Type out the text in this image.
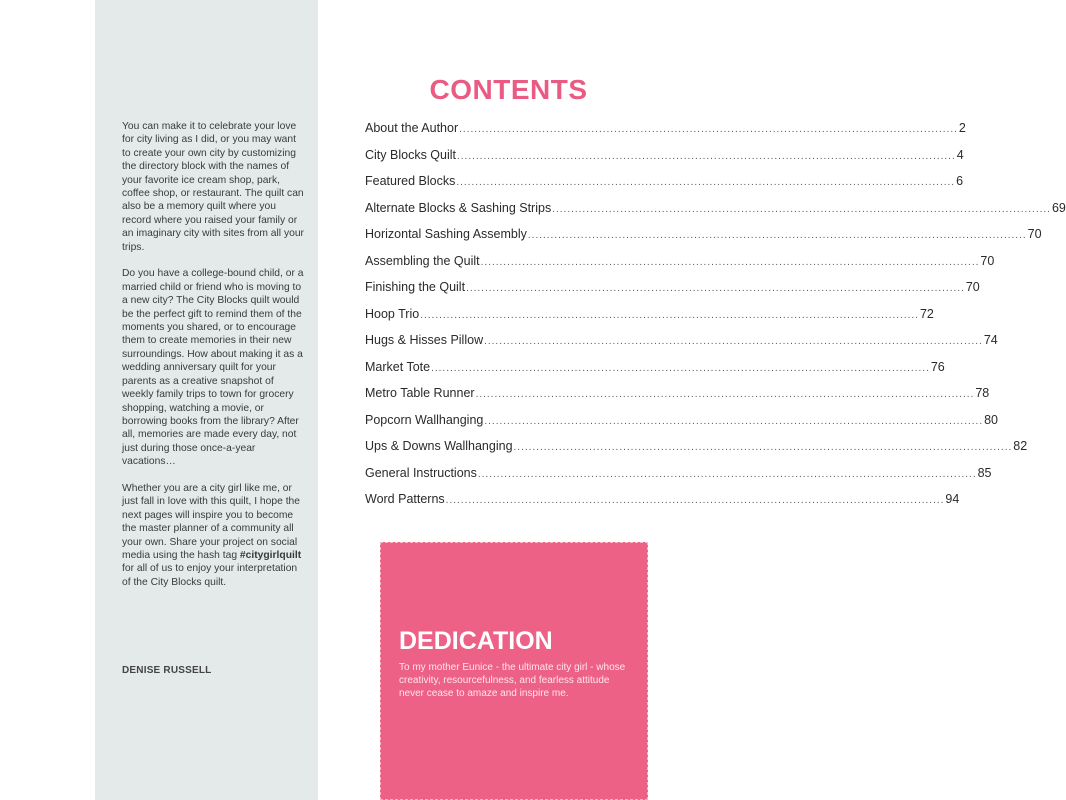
You can make it to celebrate your love for city living as I did, or you may want to create your own city by customizing the directory block with the names of your favorite ice cream shop, park, coffee shop, or restaurant. The quilt can also be a memory quilt where you record where you raised your family or an imaginary city with sites from all your trips.

Do you have a college-bound child, or a married child or friend who is moving to a new city? The City Blocks quilt would be the perfect gift to remind them of the moments you shared, or to encourage them to create memories in their new surroundings. How about making it as a wedding anniversary quilt for your parents as a creative snapshot of weekly family trips to town for grocery shopping, watching a movie, or borrowing books from the library? After all, memories are made every day, not just during those once-a-year vacations…

Whether you are a city girl like me, or just fall in love with this quilt, I hope the next pages will inspire you to become the master planner of a community all your own. Share your project on social media using the hash tag #citygirlquilt for all of us to enjoy your interpretation of the City Blocks quilt.

DENISE RUSSELL
CONTENTS
About the Author .................................................................................................................................... 2
City Blocks Quilt .................................................................................................................................... 4
Featured Blocks .................................................................................................................................... 6
Alternate Blocks & Sashing Strips .................................................................................................................................... 69
Horizontal Sashing Assembly .................................................................................................................................... 70
Assembling the Quilt .................................................................................................................................... 70
Finishing the Quilt .................................................................................................................................... 70
Hoop Trio .................................................................................................................................... 72
Hugs & Hisses Pillow .................................................................................................................................... 74
Market Tote .................................................................................................................................... 76
Metro Table Runner .................................................................................................................................... 78
Popcorn Wallhanging .................................................................................................................................... 80
Ups & Downs Wallhanging .................................................................................................................................... 82
General Instructions .................................................................................................................................... 85
Word Patterns .................................................................................................................................... 94
DEDICATION
To my mother Eunice - the ultimate city girl - whose creativity, resourcefulness, and fearless attitude never cease to amaze and inspire me.
